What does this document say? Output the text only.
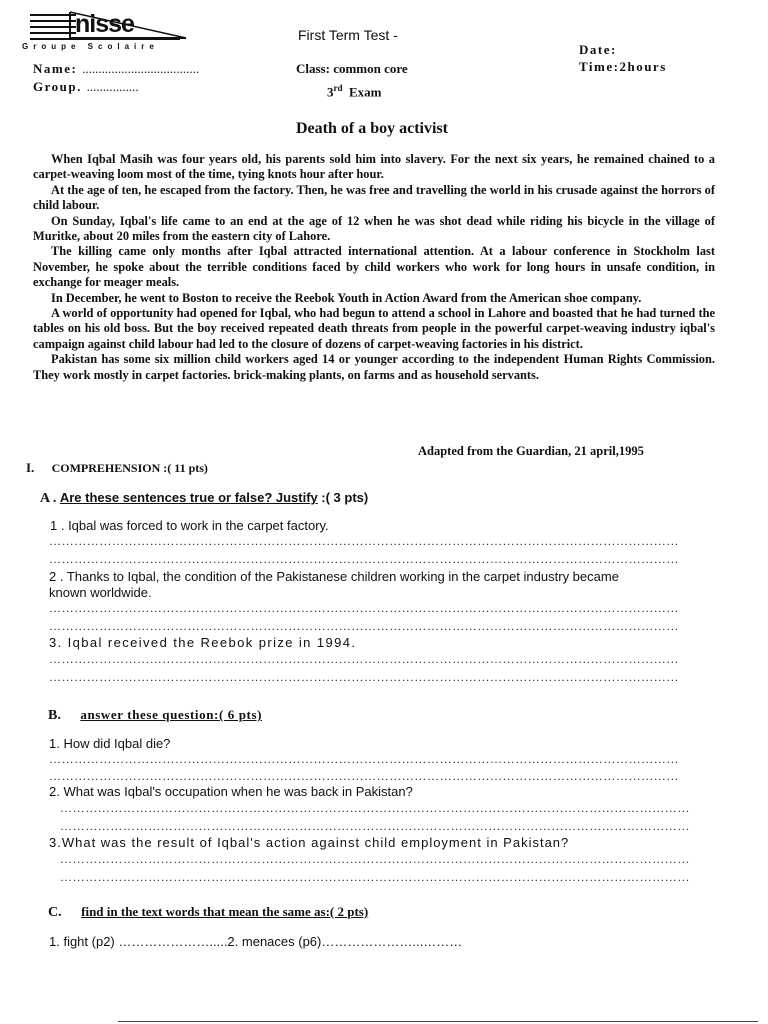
nisse
Groupe Scolaire
First Term Test -
Class: common core
3rd Exam
Name: ....................................
Group. ................
Date:
Time:2hours
Death of a boy activist

When Iqbal Masih was four years old, his parents sold him into slavery. For the next six years, he remained chained to a carpet-weaving loom most of the time, tying knots hour after hour.

At the age of ten, he escaped from the factory. Then, he was free and travelling the world in his crusade against the horrors of child labour.

On Sunday, Iqbal's life came to an end at the age of 12 when he was shot dead while riding his bicycle in the village of Muritke, about 20 miles from the eastern city of Lahore.

The killing came only months after Iqbal attracted international attention. At a labour conference in Stockholm last November, he spoke about the terrible conditions faced by child workers who work for long hours in unsafe condition, in exchange for meager meals.

In December, he went to Boston to receive the Reebok Youth in Action Award from the American shoe company.

A world of opportunity had opened for Iqbal, who had begun to attend a school in Lahore and boasted that he had turned the tables on his old boss. But the boy received repeated death threats from people in the powerful carpet-weaving industry iqbal's campaign against child labour had led to the closure of dozens of carpet-weaving factories in his district.

Pakistan has some six million child workers aged 14 or younger according to the independent Human Rights Commission. They work mostly in carpet factories. brick-making plants, on farms and as household servants.

Adapted from the Guardian, 21 april,1995
I. COMPREHENSION :( 11 pts)
A . Are these sentences true or false? Justify :( 3 pts)
1 . Iqbal was forced to work in the carpet factory.
……………………………………………………………………………………………………………………………………
……………………………………………………………………………………………………………………………………
2 . Thanks to Iqbal, the condition of the Pakistanese children working in the carpet industry became
known worldwide.
……………………………………………………………………………………………………………………………………
……………………………………………………………………………………………………………………………………
3. Iqbal received the Reebok prize in 1994.
……………………………………………………………………………………………………………………………………
……………………………………………………………………………………………………………………………………
B. answer these question:( 6 pts)
1. How did Iqbal die?
……………………………………………………………………………………………………………………………………
……………………………………………………………………………………………………………………………………
2. What was Iqbal's occupation when he was back in Pakistan?
……………………………………………………………………………………………………………………………………
……………………………………………………………………………………………………………………………………
3.What was the result of Iqbal's action against child employment in Pakistan?
……………………………………………………………………………………………………………………………………
……………………………………………………………………………………………………………………………………
C. find in the text words that mean the same as:( 2 pts)
1. fight (p2) ………………….....2. menaces (p6)…………………...………
